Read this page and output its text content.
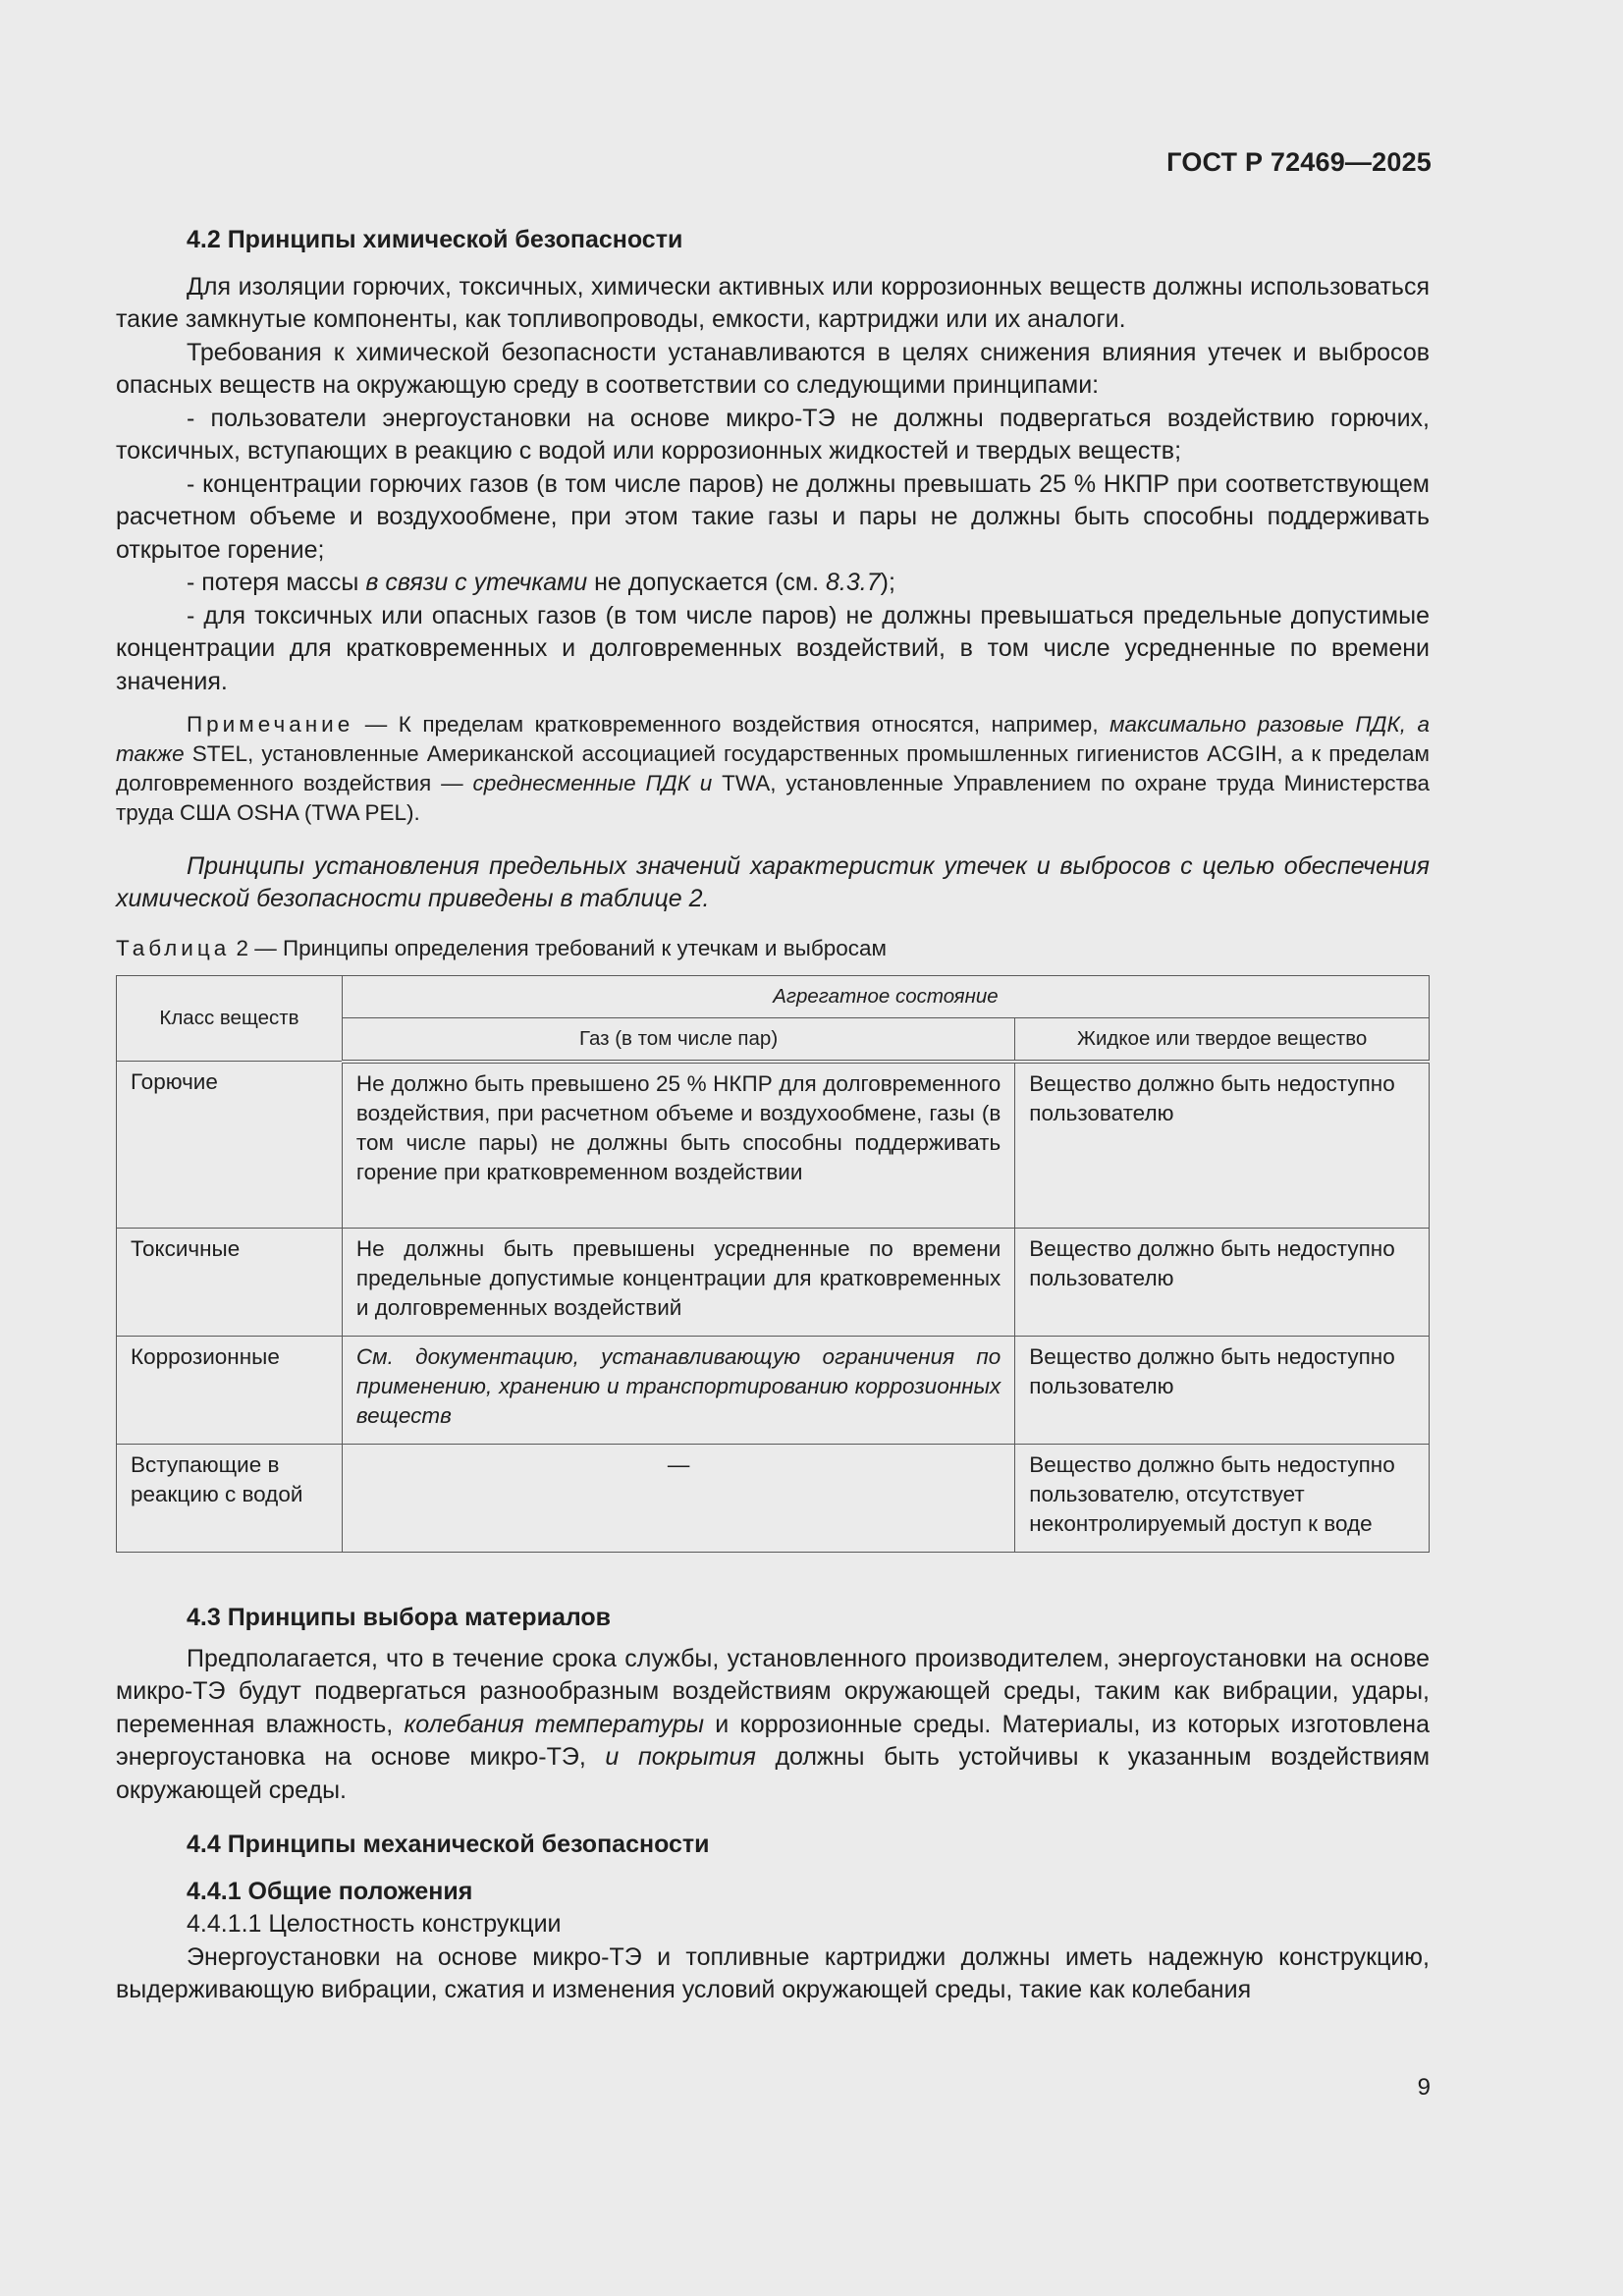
ГОСТ Р 72469—2025

4.2 Принципы химической безопасности

Для изоляции горючих, токсичных, химически активных или коррозионных веществ должны использоваться такие замкнутые компоненты, как топливопроводы, емкости, картриджи или их аналоги.

Требования к химической безопасности устанавливаются в целях снижения влияния утечек и выбросов опасных веществ на окружающую среду в соответствии со следующими принципами:

- пользователи энергоустановки на основе микро-ТЭ не должны подвергаться воздействию горючих, токсичных, вступающих в реакцию с водой или коррозионных жидкостей и твердых веществ;

- концентрации горючих газов (в том числе паров) не должны превышать 25 % НКПР при соответствующем расчетном объеме и воздухообмене, при этом такие газы и пары не должны быть способны поддерживать открытое горение;

- потеря массы в связи с утечками не допускается (см. 8.3.7);

- для токсичных или опасных газов (в том числе паров) не должны превышаться предельные допустимые концентрации для кратковременных и долговременных воздействий, в том числе усредненные по времени значения.

Примечание — К пределам кратковременного воздействия относятся, например, максимально разовые ПДК, а также STEL, установленные Американской ассоциацией государственных промышленных гигиенистов ACGIH, а к пределам долговременного воздействия — среднесменные ПДК и TWA, установленные Управлением по охране труда Министерства труда США OSHA (TWA PEL).

Принципы установления предельных значений характеристик утечек и выбросов с целью обеспечения химической безопасности приведены в таблице 2.

Таблица 2 — Принципы определения требований к утечкам и выбросам
Класс веществ	Агрегатное состояние	
	Газ (в том числе пар)	Жидкое или твердое вещество
Горючие	Не должно быть превышено 25 % НКПР для долговременного воздействия, при расчетном объеме и воздухообмене, газы (в том числе пары) не должны быть способны поддерживать горение при кратковременном воздействии	Вещество должно быть недоступно пользователю
Токсичные	Не должны быть превышены усредненные по времени предельные допустимые концентрации для кратковременных и долговременных воздействий	Вещество должно быть недоступно пользователю
Коррозионные	См. документацию, устанавливающую ограничения по применению, хранению и транспортированию коррозионных веществ	Вещество должно быть недоступно пользователю
Вступающие в реакцию с водой	—	Вещество должно быть недоступно пользователю, отсутствует неконтролируемый доступ к воде

4.3 Принципы выбора материалов

Предполагается, что в течение срока службы, установленного производителем, энергоустановки на основе микро-ТЭ будут подвергаться разнообразным воздействиям окружающей среды, таким как вибрации, удары, переменная влажность, колебания температуры и коррозионные среды. Материалы, из которых изготовлена энергоустановка на основе микро-ТЭ, и покрытия должны быть устойчивы к указанным воздействиям окружающей среды.

4.4 Принципы механической безопасности

4.4.1 Общие положения

4.4.1.1 Целостность конструкции

Энергоустановки на основе микро-ТЭ и топливные картриджи должны иметь надежную конструкцию, выдерживающую вибрации, сжатия и изменения условий окружающей среды, такие как колебания

9
